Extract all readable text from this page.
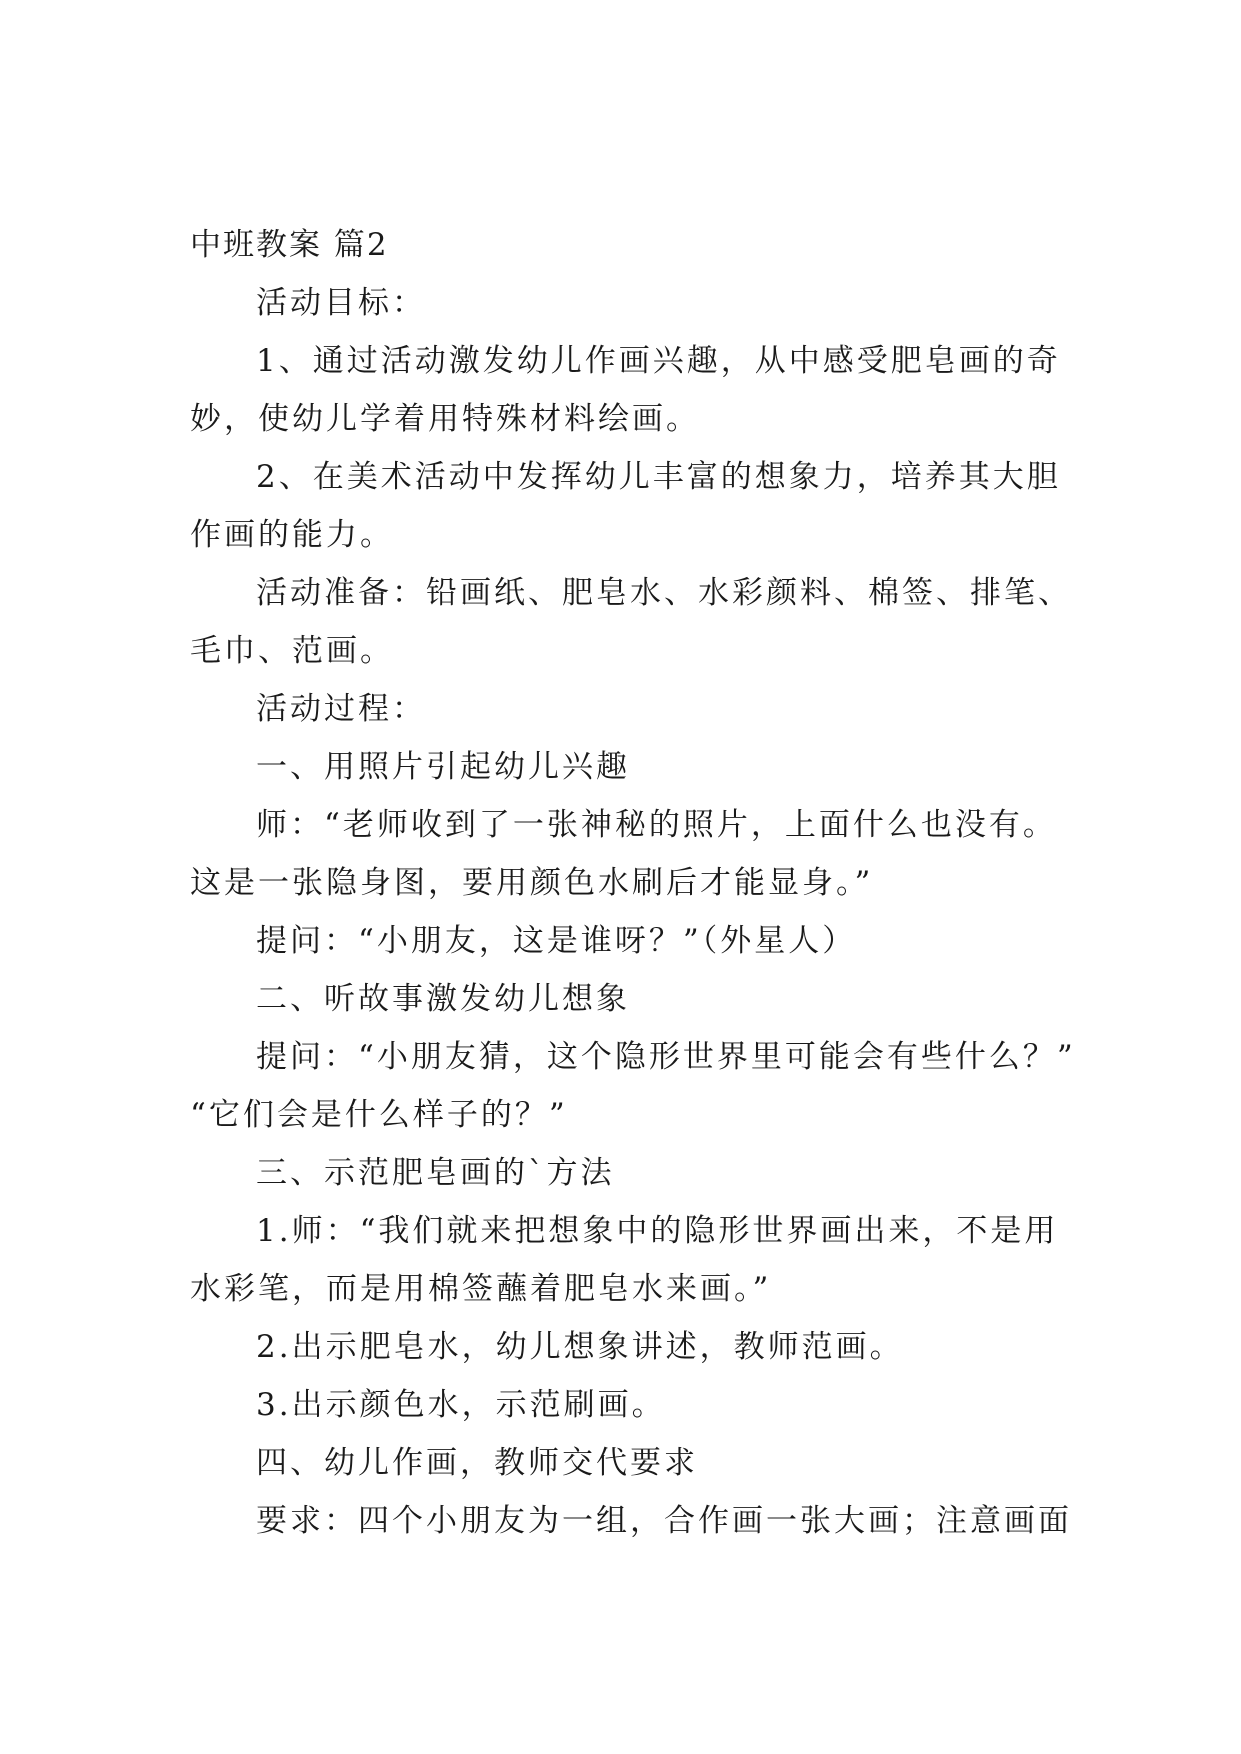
中班教案 篇2
活动目标：
1、通过活动激发幼儿作画兴趣，从中感受肥皂画的奇
妙，使幼儿学着用特殊材料绘画。
2、在美术活动中发挥幼儿丰富的想象力，培养其大胆
作画的能力。
活动准备：铅画纸、肥皂水、水彩颜料、棉签、排笔、
毛巾、范画。
活动过程：
一、用照片引起幼儿兴趣
师：“老师收到了一张神秘的照片，上面什么也没有。
这是一张隐身图，要用颜色水刷后才能显身。”
提问：“小朋友，这是谁呀？”（外星人）
二、听故事激发幼儿想象
提问：“小朋友猜，这个隐形世界里可能会有些什么？”
“它们会是什么样子的？”
三、示范肥皂画的`方法
1.师：“我们就来把想象中的隐形世界画出来，不是用
水彩笔，而是用棉签蘸着肥皂水来画。”
2.出示肥皂水，幼儿想象讲述，教师范画。
3.出示颜色水，示范刷画。
四、幼儿作画，教师交代要求
要求：四个小朋友为一组，合作画一张大画；注意画面
